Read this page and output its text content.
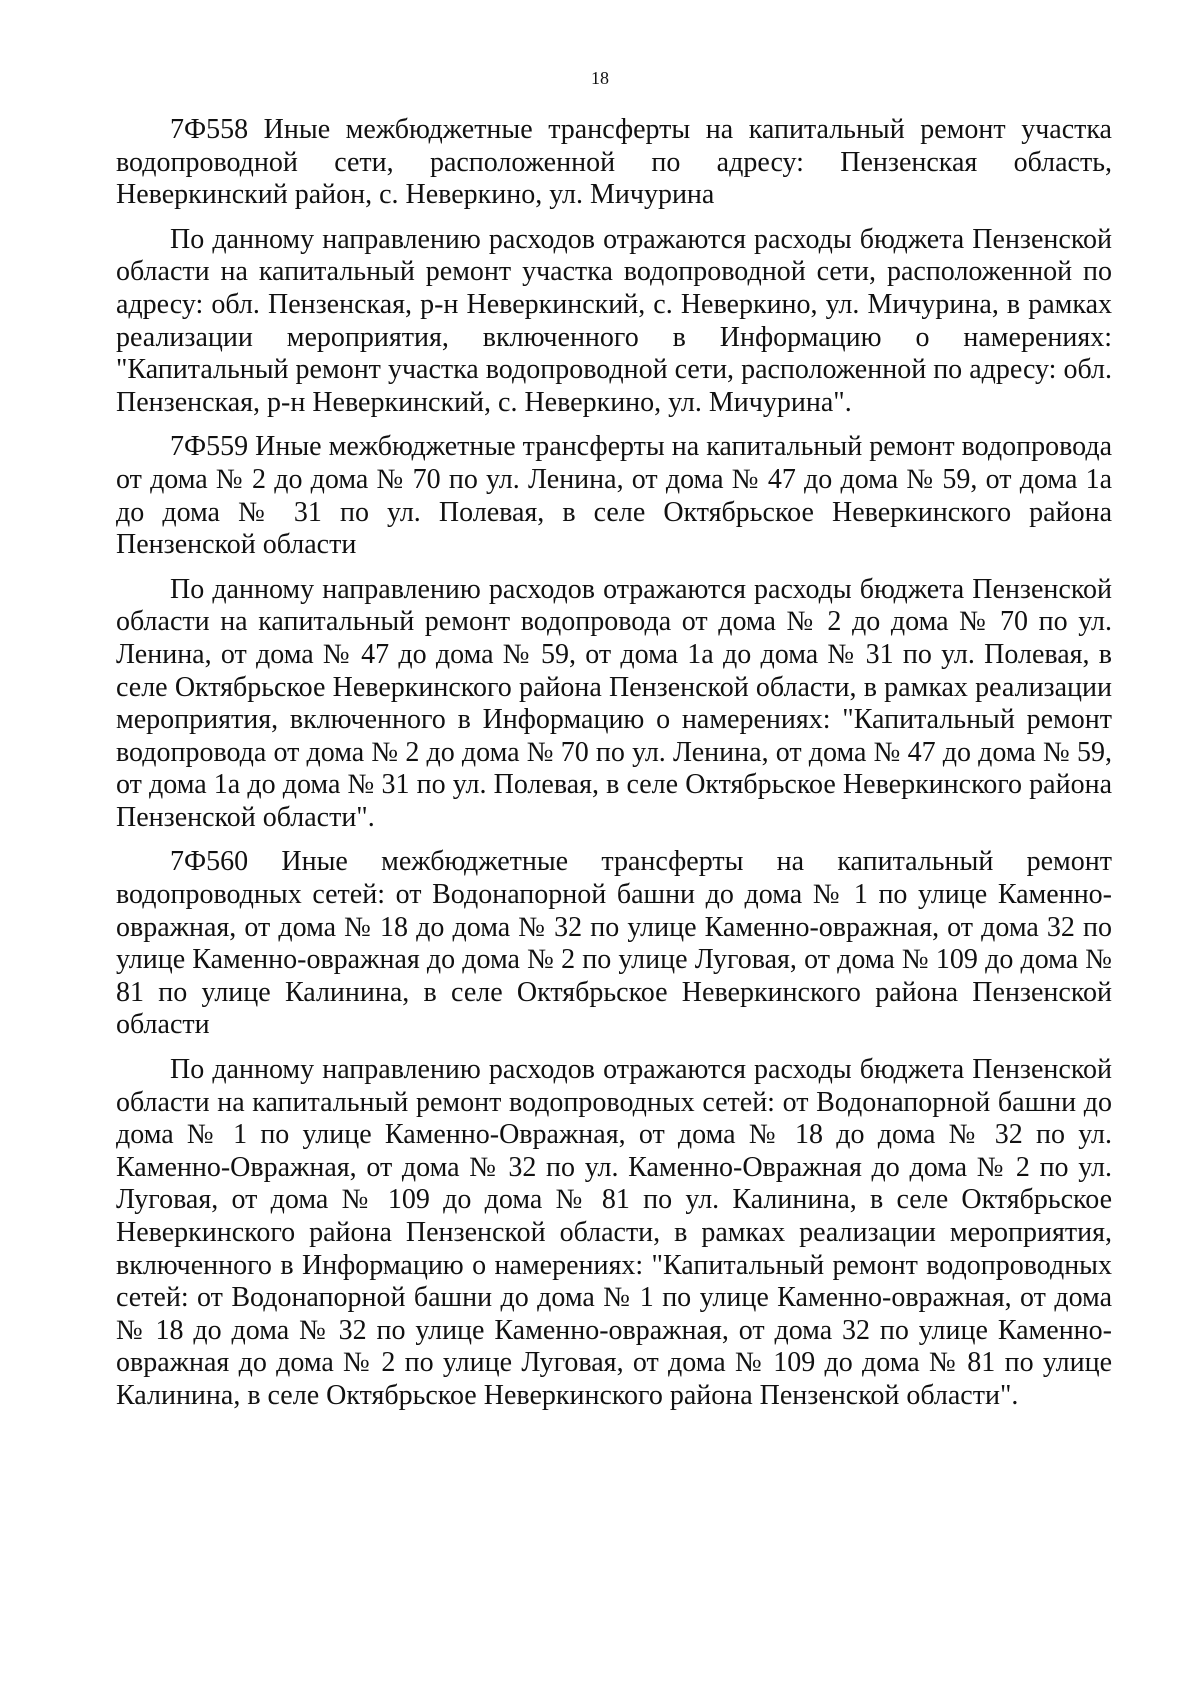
18

7Ф558 Иные межбюджетные трансферты на капитальный ремонт участка водопроводной сети, расположенной по адресу: Пензенская область, Неверкинский район, с. Неверкино, ул. Мичурина

По данному направлению расходов отражаются расходы бюджета Пензенской области на капитальный ремонт участка водопроводной сети, расположенной по адресу: обл. Пензенская, р-н Неверкинский, с. Неверкино, ул. Мичурина, в рамках реализации мероприятия, включенного в Информацию о намерениях: "Капитальный ремонт участка водопроводной сети, расположенной по адресу: обл. Пензенская, р-н Неверкинский, с. Неверкино, ул. Мичурина".

7Ф559 Иные межбюджетные трансферты на капитальный ремонт водопровода от дома № 2 до дома № 70 по ул. Ленина, от дома № 47 до дома № 59, от дома 1а до дома № 31 по ул. Полевая, в селе Октябрьское Неверкинского района Пензенской области

По данному направлению расходов отражаются расходы бюджета Пензенской области на капитальный ремонт водопровода от дома № 2 до дома № 70 по ул. Ленина, от дома № 47 до дома № 59, от дома 1а до дома № 31 по ул. Полевая, в селе Октябрьское Неверкинского района Пензенской области, в рамках реализации мероприятия, включенного в Информацию о намерениях: "Капитальный ремонт водопровода от дома № 2 до дома № 70 по ул. Ленина, от дома № 47 до дома № 59, от дома 1а до дома № 31 по ул. Полевая, в селе Октябрьское Неверкинского района Пензенской области".

7Ф560 Иные межбюджетные трансферты на капитальный ремонт водопроводных сетей: от Водонапорной башни до дома № 1 по улице Каменно-овражная, от дома № 18 до дома № 32 по улице Каменно-овражная, от дома 32 по улице Каменно-овражная до дома № 2 по улице Луговая, от дома № 109 до дома № 81 по улице Калинина, в селе Октябрьское Неверкинского района Пензенской области

По данному направлению расходов отражаются расходы бюджета Пензенской области на капитальный ремонт водопроводных сетей: от Водонапорной башни до дома № 1 по улице Каменно-Овражная, от дома № 18 до дома № 32 по ул. Каменно-Овражная, от дома № 32 по ул. Каменно-Овражная до дома № 2 по ул. Луговая, от дома № 109 до дома № 81 по ул. Калинина, в селе Октябрьское Неверкинского района Пензенской области, в рамках реализации мероприятия, включенного в Информацию о намерениях: "Капитальный ремонт водопроводных сетей: от Водонапорной башни до дома № 1 по улице Каменно-овражная, от дома № 18 до дома № 32 по улице Каменно-овражная, от дома 32 по улице Каменно-овражная до дома № 2 по улице Луговая, от дома № 109 до дома № 81 по улице Калинина, в селе Октябрьское Неверкинского района Пензенской области".
